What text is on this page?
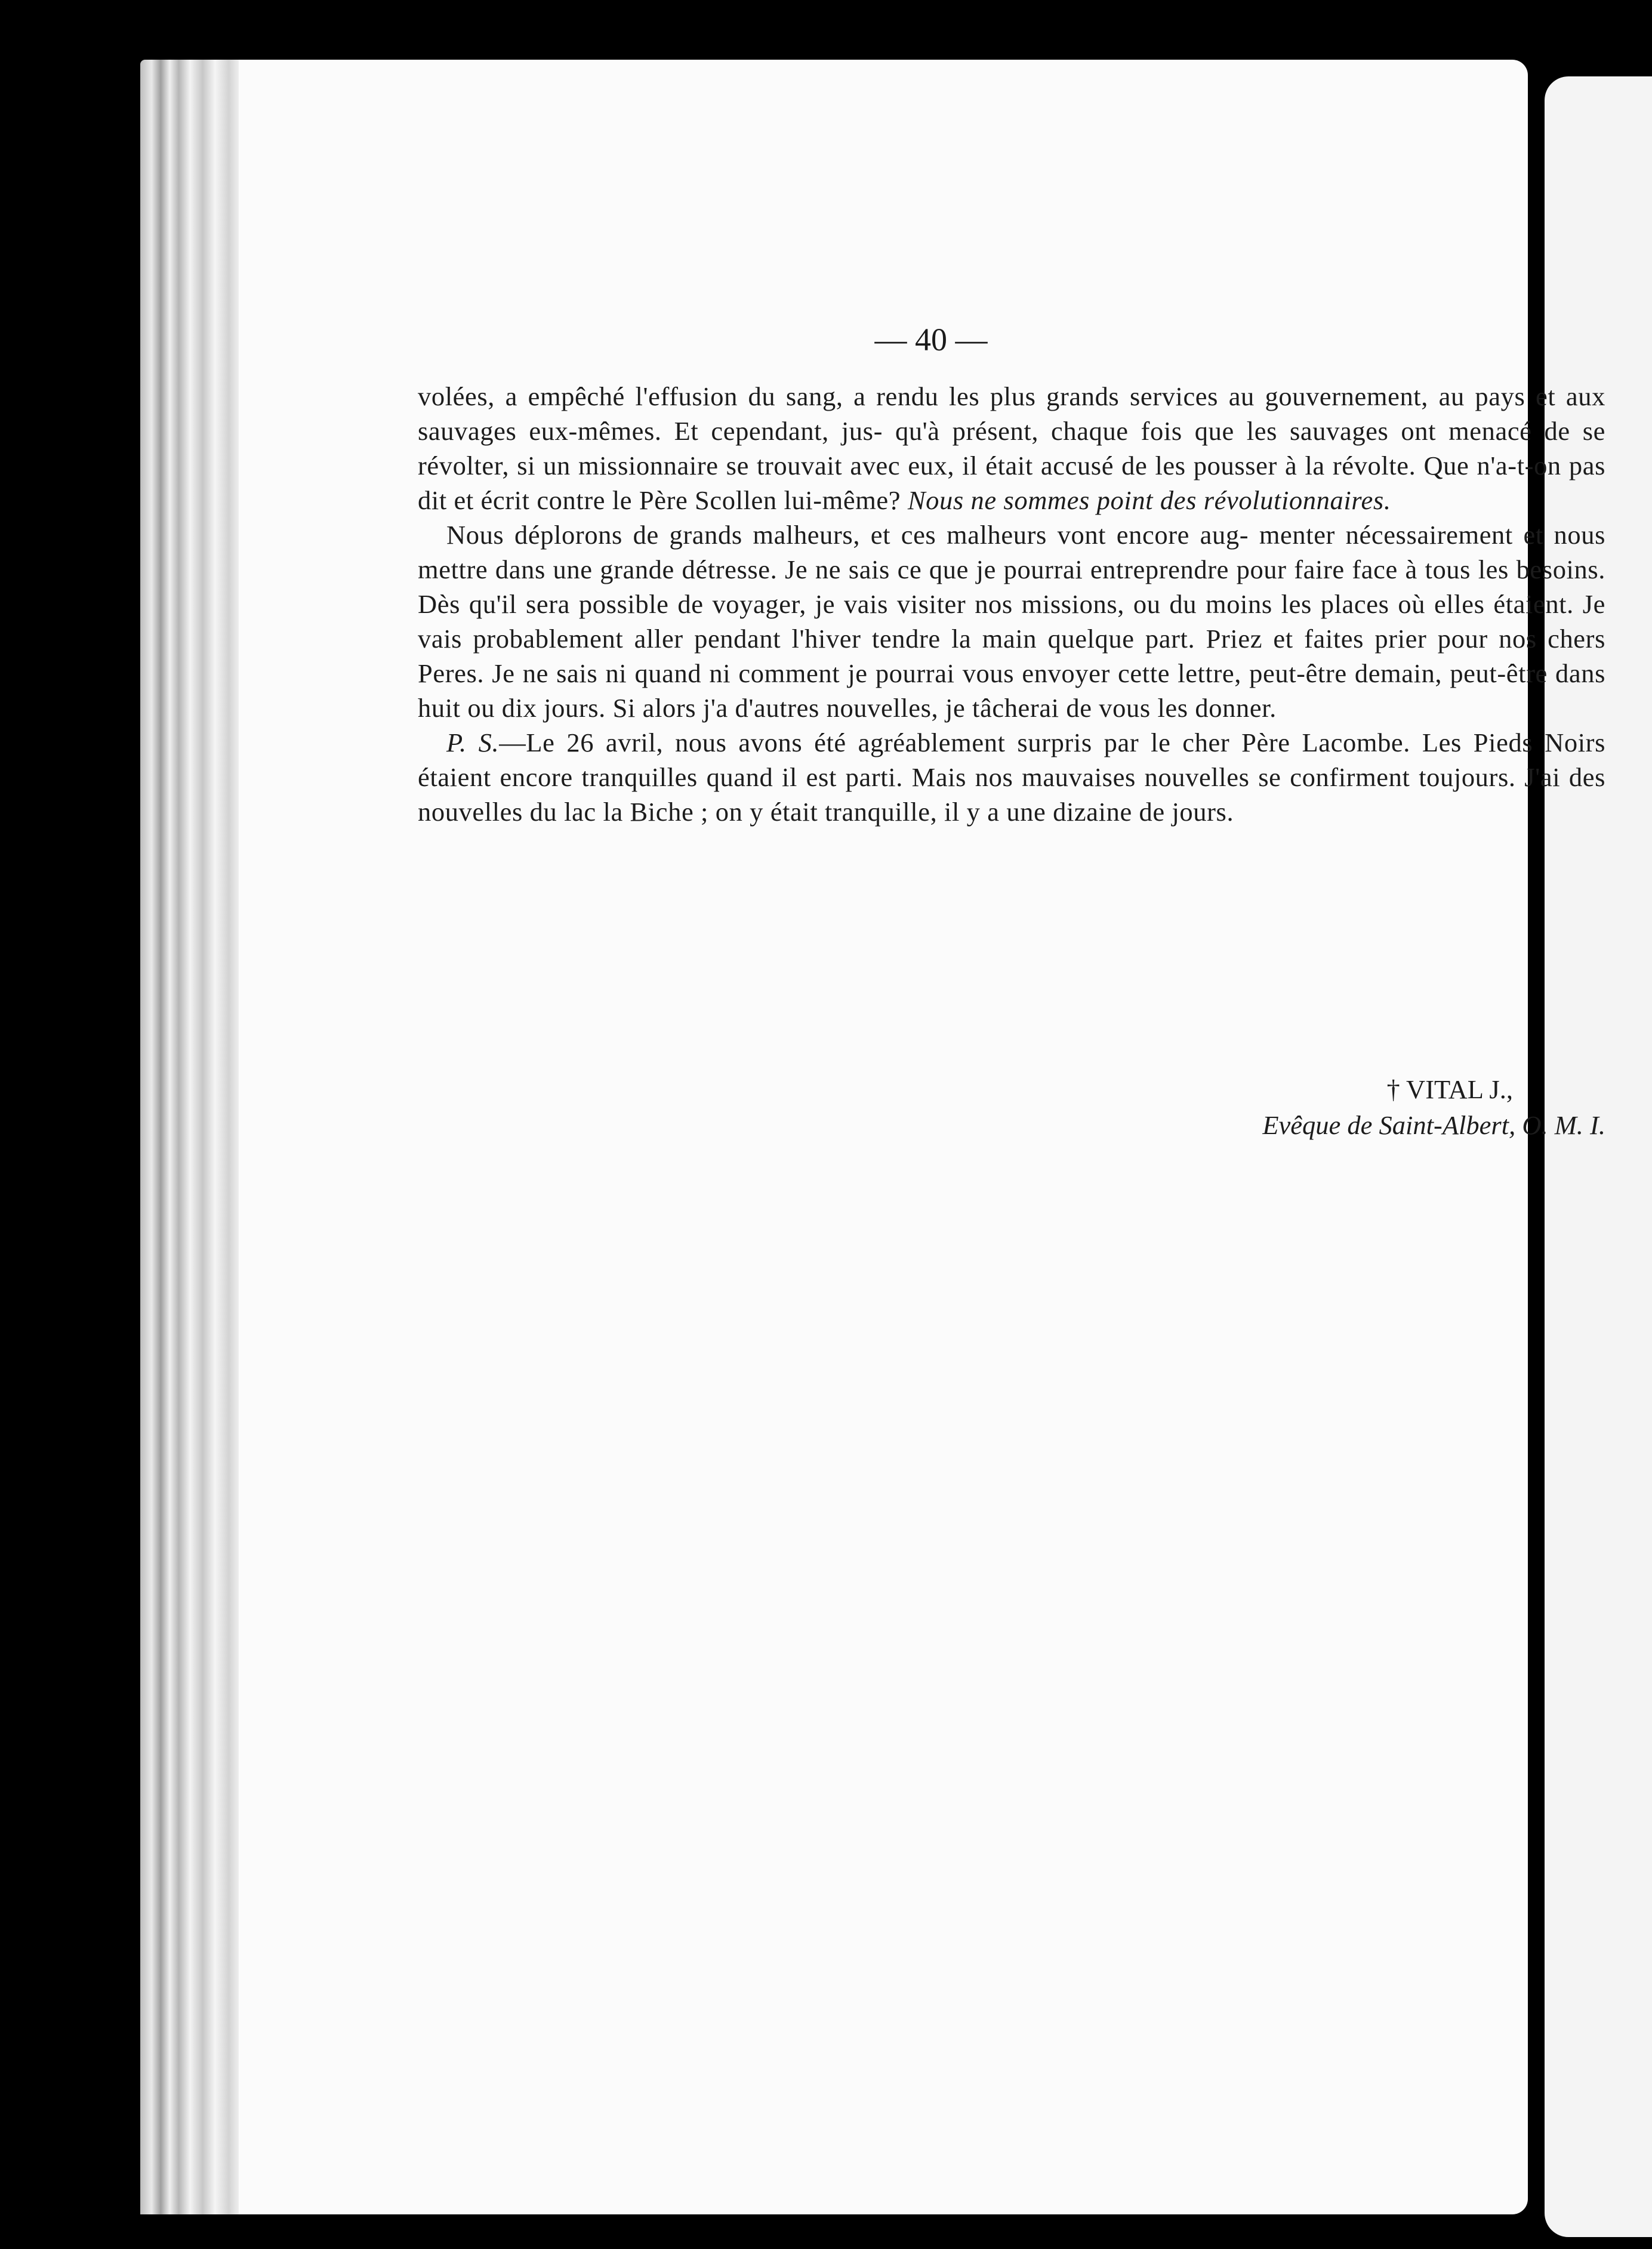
— 40 —

volées, a empêché l'effusion du sang, a rendu les plus grands services au gouvernement, au pays et aux sauvages eux-mêmes. Et cependant, jus- qu'à présent, chaque fois que les sauvages ont menacé de se révolter, si un missionnaire se trouvait avec eux, il était accusé de les pousser à la révolte. Que n'a-t-on pas dit et écrit contre le Père Scollen lui-même? Nous ne sommes point des révolutionnaires.

Nous déplorons de grands malheurs, et ces malheurs vont encore aug- menter nécessairement et nous mettre dans une grande détresse. Je ne sais ce que je pourrai entreprendre pour faire face à tous les besoins. Dès qu'il sera possible de voyager, je vais visiter nos missions, ou du moins les places où elles étaient. Je vais probablement aller pendant l'hiver tendre la main quelque part. Priez et faites prier pour nos chers Peres. Je ne sais ni quand ni comment je pourrai vous envoyer cette lettre, peut-être demain, peut-être dans huit ou dix jours. Si alors j'a d'autres nouvelles, je tâcherai de vous les donner.

P. S.—Le 26 avril, nous avons été agréablement surpris par le cher Père Lacombe. Les Pieds Noirs étaient encore tranquilles quand il est parti. Mais nos mauvaises nouvelles se confirment toujours. J'ai des nouvelles du lac la Biche ; on y était tranquille, il y a une dizaine de jours.

† VITAL J.,
Evêque de Saint-Albert, O. M. I.
